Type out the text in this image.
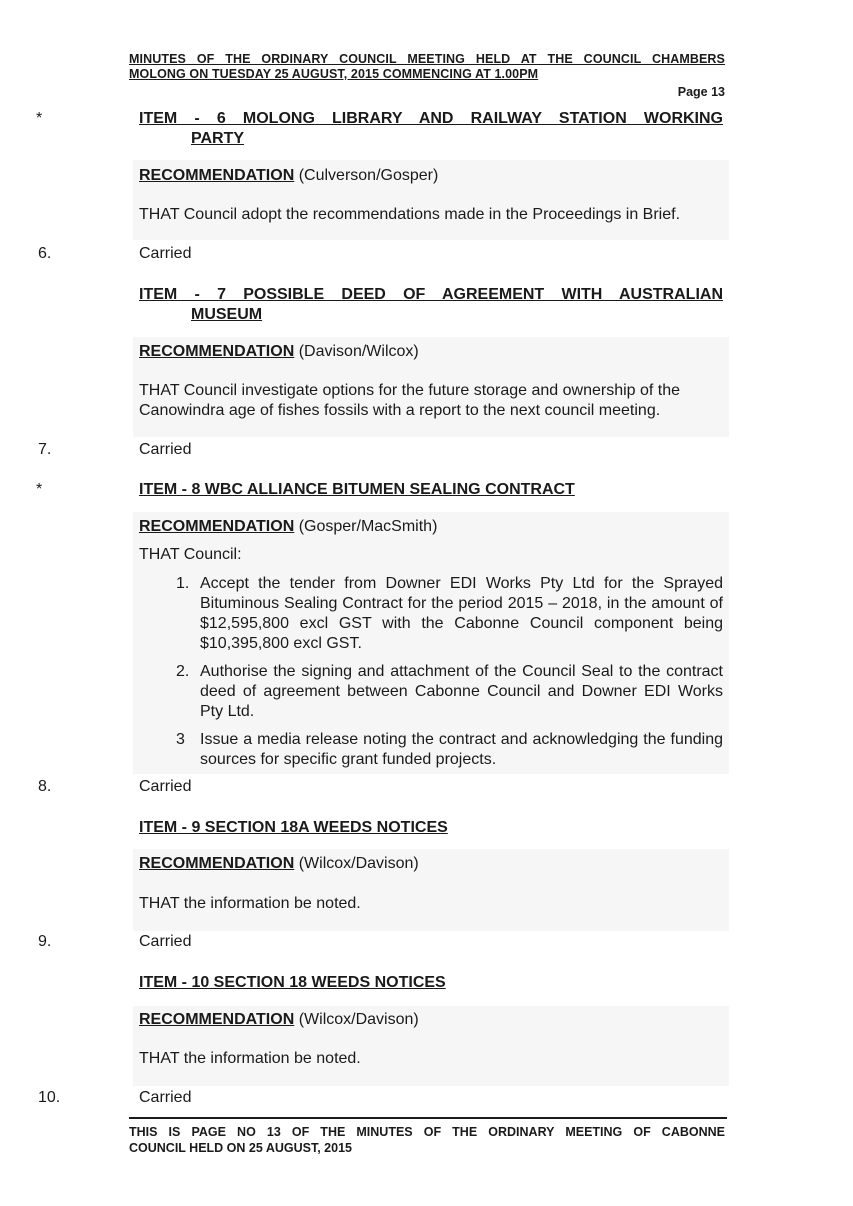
MINUTES OF THE ORDINARY COUNCIL MEETING HELD AT THE COUNCIL CHAMBERS
MOLONG ON TUESDAY 25 AUGUST, 2015 COMMENCING AT 1.00PM
Page 13
*	ITEM - 6 MOLONG LIBRARY AND RAILWAY STATION WORKING
PARTY
RECOMMENDATION (Culverson/Gosper)
THAT Council adopt the recommendations made in the Proceedings in Brief.
6.	Carried
ITEM - 7 POSSIBLE DEED OF AGREEMENT WITH AUSTRALIAN
MUSEUM
RECOMMENDATION (Davison/Wilcox)
THAT Council investigate options for the future storage and ownership of the Canowindra age of fishes fossils with a report to the next council meeting.
7.	Carried
*	ITEM - 8 WBC ALLIANCE BITUMEN SEALING CONTRACT
RECOMMENDATION (Gosper/MacSmith)
THAT Council:
1. Accept the tender from Downer EDI Works Pty Ltd for the Sprayed Bituminous Sealing Contract for the period 2015 – 2018, in the amount of $12,595,800 excl GST with the Cabonne Council component being $10,395,800 excl GST.
2. Authorise the signing and attachment of the Council Seal to the contract deed of agreement between Cabonne Council and Downer EDI Works Pty Ltd.
3 Issue a media release noting the contract and acknowledging the funding sources for specific grant funded projects.
8.	Carried
ITEM - 9 SECTION 18A WEEDS NOTICES
RECOMMENDATION (Wilcox/Davison)
THAT the information be noted.
9.	Carried
ITEM - 10 SECTION 18 WEEDS NOTICES
RECOMMENDATION (Wilcox/Davison)
THAT the information be noted.
10.	Carried
THIS IS PAGE NO 13 OF THE MINUTES OF THE ORDINARY MEETING OF CABONNE
COUNCIL HELD ON 25 AUGUST, 2015
